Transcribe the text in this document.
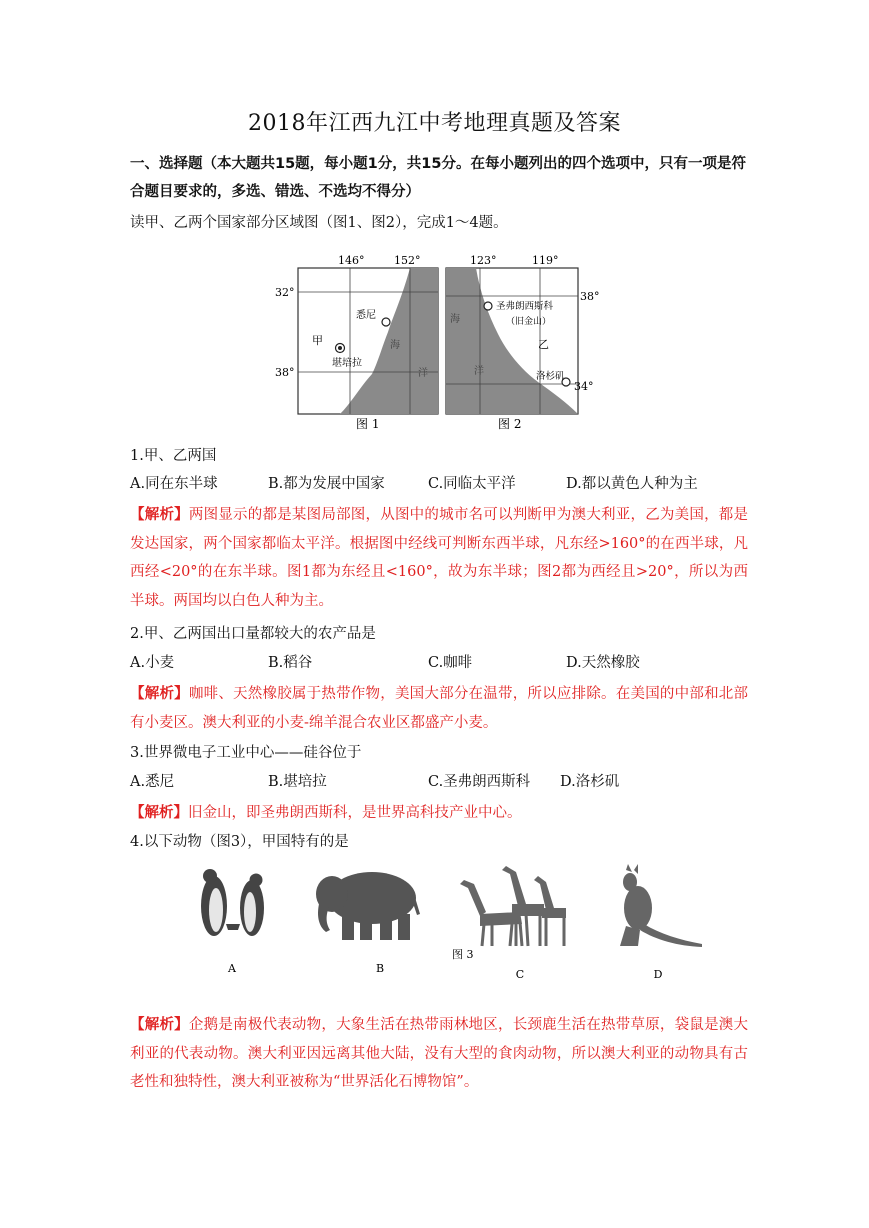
2018年江西九江中考地理真题及答案
一、选择题（本大题共15题，每小题1分，共15分。在每小题列出的四个选项中，只有一项是符合题目要求的，多选、错选、不选均不得分）
读甲、乙两个国家部分区域图（图1、图2），完成1～4题。
146°	152°
32°
38°
悉尼
堪培拉
甲	海
洋
图 1
123°	119°
38°
34°
圣弗朗西斯科
（旧金山）
洛杉矶
乙
海
洋
图 2
1.甲、乙两国
A.同在东半球	B.都为发展中国家	C.同临太平洋	D.都以黄色人种为主
【解析】两图显示的都是某图局部图，从图中的城市名可以判断甲为澳大利亚，乙为美国，都是发达国家，两个国家都临太平洋。根据图中经线可判断东西半球，凡东经>160°的在西半球，凡西经<20°的在东半球。图1都为东经且<160°，故为东半球；图2都为西经且>20°，所以为西半球。两国均以白色人种为主。
2.甲、乙两国出口量都较大的农产品是
A.小麦	B.稻谷	C.咖啡	D.天然橡胶
【解析】咖啡、天然橡胶属于热带作物，美国大部分在温带，所以应排除。在美国的中部和北部有小麦区。澳大利亚的小麦-绵羊混合农业区都盛产小麦。
3.世界微电子工业中心——硅谷位于
A.悉尼	B.堪培拉	C.圣弗朗西斯科 D.洛杉矶
【解析】旧金山，即圣弗朗西斯科，是世界高科技产业中心。
4.以下动物（图3），甲国特有的是
A	B
图 3
C	D
【解析】企鹅是南极代表动物，大象生活在热带雨林地区，长颈鹿生活在热带草原，袋鼠是澳大利亚的代表动物。澳大利亚因远离其他大陆，没有大型的食肉动物，所以澳大利亚的动物具有古老性和独特性，澳大利亚被称为“世界活化石博物馆”。
